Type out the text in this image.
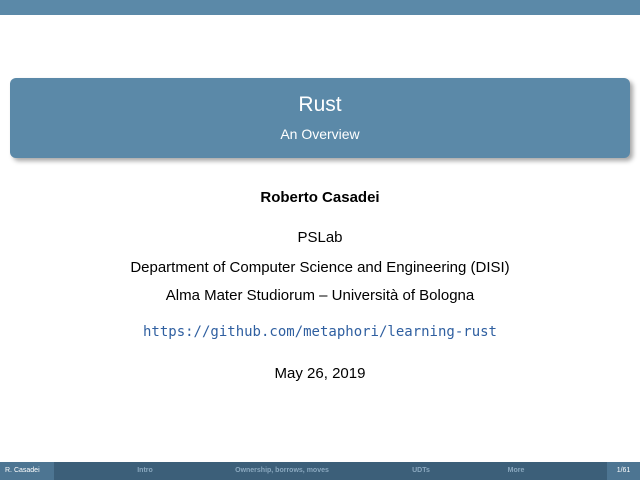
Rust
An Overview
Roberto Casadei
PSLab
Department of Computer Science and Engineering (DISI)
Alma Mater Studiorum – Università of Bologna
https://github.com/metaphori/learning-rust
May 26, 2019
R. Casadei	Intro	Ownership, borrows, moves	UDTs	More	1/61
